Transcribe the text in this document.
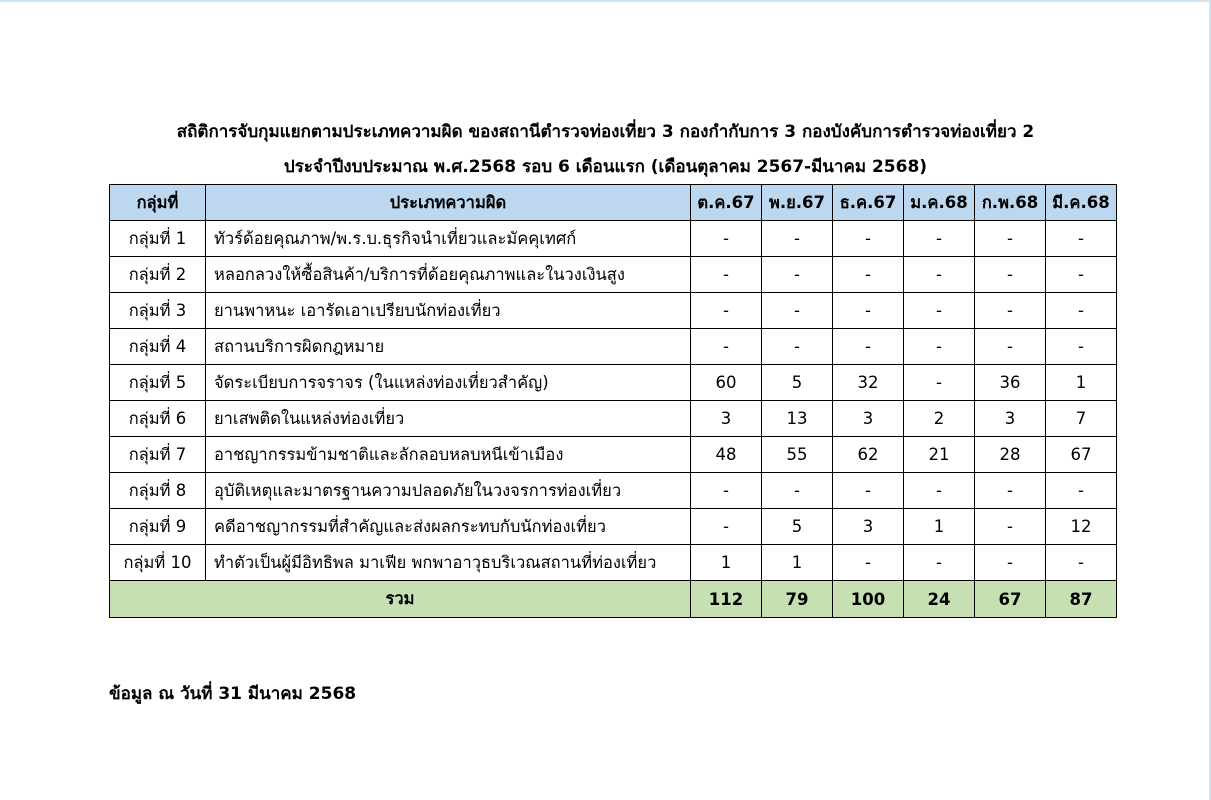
สถิติการจับกุมแยกตามประเภทความผิด ของสถานีตำรวจท่องเที่ยว 3 กองกำกับการ 3 กองบังคับการตำรวจท่องเที่ยว 2
ประจำปีงบประมาณ พ.ศ.2568 รอบ 6 เดือนแรก (เดือนตุลาคม 2567-มีนาคม 2568)
กลุ่มที่	ประเภทความผิด	ต.ค.67	พ.ย.67	ธ.ค.67	ม.ค.68	ก.พ.68	มี.ค.68
กลุ่มที่ 1	ทัวร์ด้อยคุณภาพ/พ.ร.บ.ธุรกิจนำเที่ยวและมัคคุเทศก์	-	-	-	-	-	-
กลุ่มที่ 2	หลอกลวงให้ซื้อสินค้า/บริการที่ด้อยคุณภาพและในวงเงินสูง	-	-	-	-	-	-
กลุ่มที่ 3	ยานพาหนะ เอารัดเอาเปรียบนักท่องเที่ยว	-	-	-	-	-	-
กลุ่มที่ 4	สถานบริการผิดกฎหมาย	-	-	-	-	-	-
กลุ่มที่ 5	จัดระเบียบการจราจร (ในแหล่งท่องเที่ยวสำคัญ)	60	5	32	-	36	1
กลุ่มที่ 6	ยาเสพติดในแหล่งท่องเที่ยว	3	13	3	2	3	7
กลุ่มที่ 7	อาชญากรรมข้ามชาติและลักลอบหลบหนีเข้าเมือง	48	55	62	21	28	67
กลุ่มที่ 8	อุบัติเหตุและมาตรฐานความปลอดภัยในวงจรการท่องเที่ยว	-	-	-	-	-	-
กลุ่มที่ 9	คดีอาชญากรรมที่สำคัญและส่งผลกระทบกับนักท่องเที่ยว	-	5	3	1	-	12
กลุ่มที่ 10	ทำตัวเป็นผู้มีอิทธิพล มาเฟีย พกพาอาวุธบริเวณสถานที่ท่องเที่ยว	1	1	-	-	-	-
รวม		112	79	100	24	67	87
ข้อมูล ณ วันที่ 31 มีนาคม 2568
